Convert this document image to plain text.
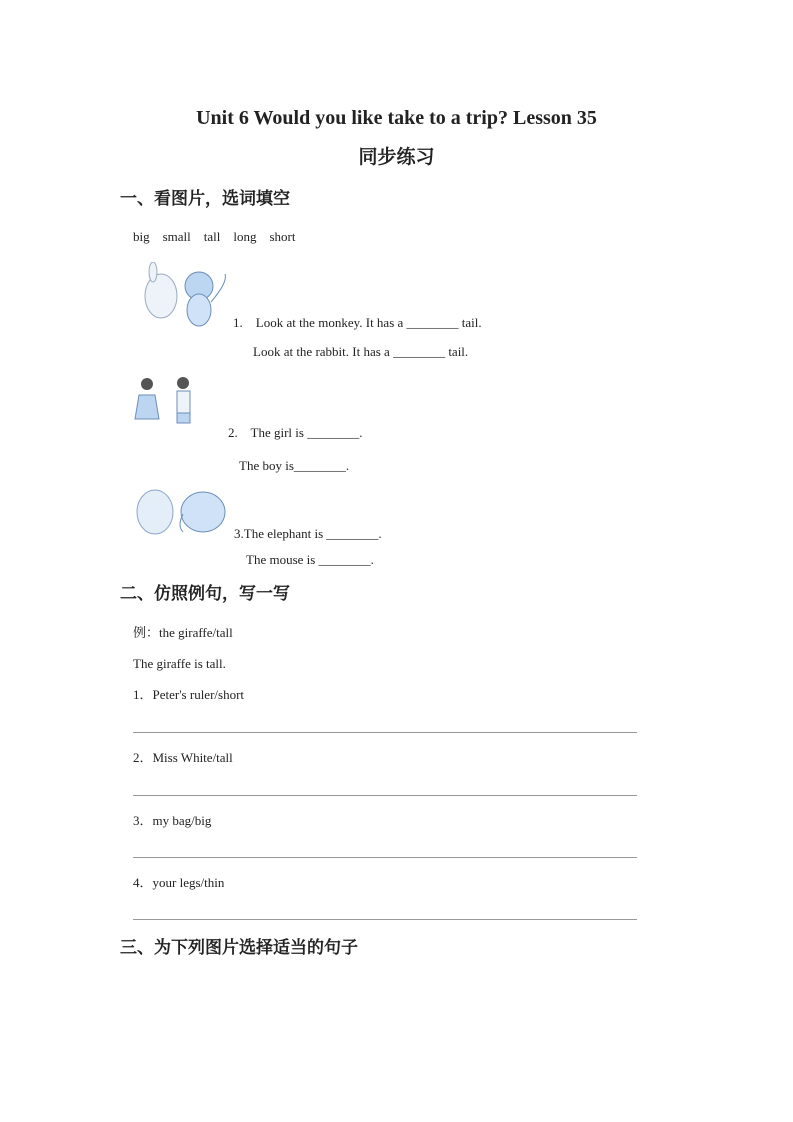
Unit 6 Would you like take to a trip? Lesson 35
同步练习
一、看图片，选词填空
big    small    tall    long    short
1.    Look at the monkey. It has a ________ tail.
Look at the rabbit. It has a ________ tail.
2.    The girl is ________.
The boy is________.
3.The elephant is ________.
The mouse is ________.
二、仿照例句，写一写
例：the giraffe/tall
The giraffe is tall.
1．Peter's ruler/short
2．Miss White/tall
3．my bag/big
4．your legs/thin
三、为下列图片选择适当的句子
